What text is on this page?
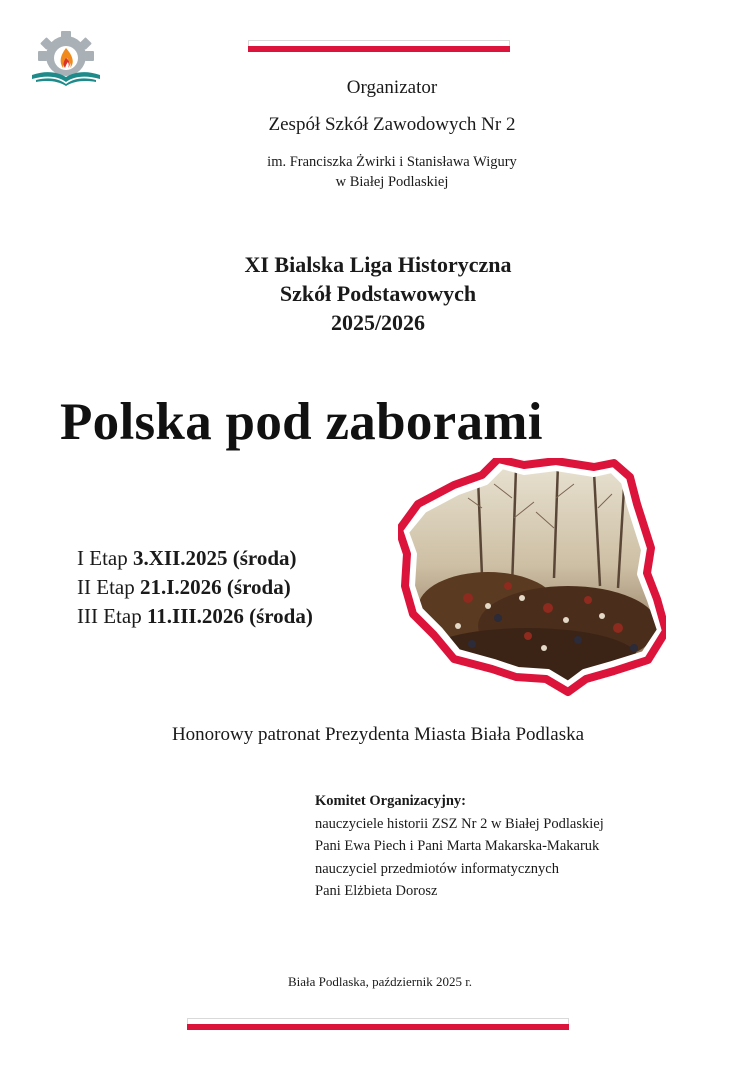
Organizator
Zespół Szkół Zawodowych Nr 2
im. Franciszka Żwirki i Stanisława Wigury
w Białej Podlaskiej
XI Bialska Liga Historyczna
Szkół Podstawowych
2025/2026
Polska pod zaborami
I Etap 3.XII.2025 (środa)
II Etap 21.I.2026 (środa)
III Etap 11.III.2026 (środa)
Honorowy patronat Prezydenta Miasta Biała Podlaska
Komitet Organizacyjny:
nauczyciele historii ZSZ Nr 2 w Białej Podlaskiej
Pani Ewa Piech i Pani Marta Makarska-Makaruk
nauczyciel przedmiotów informatycznych
Pani Elżbieta Dorosz
Biała Podlaska, październik 2025 r.
